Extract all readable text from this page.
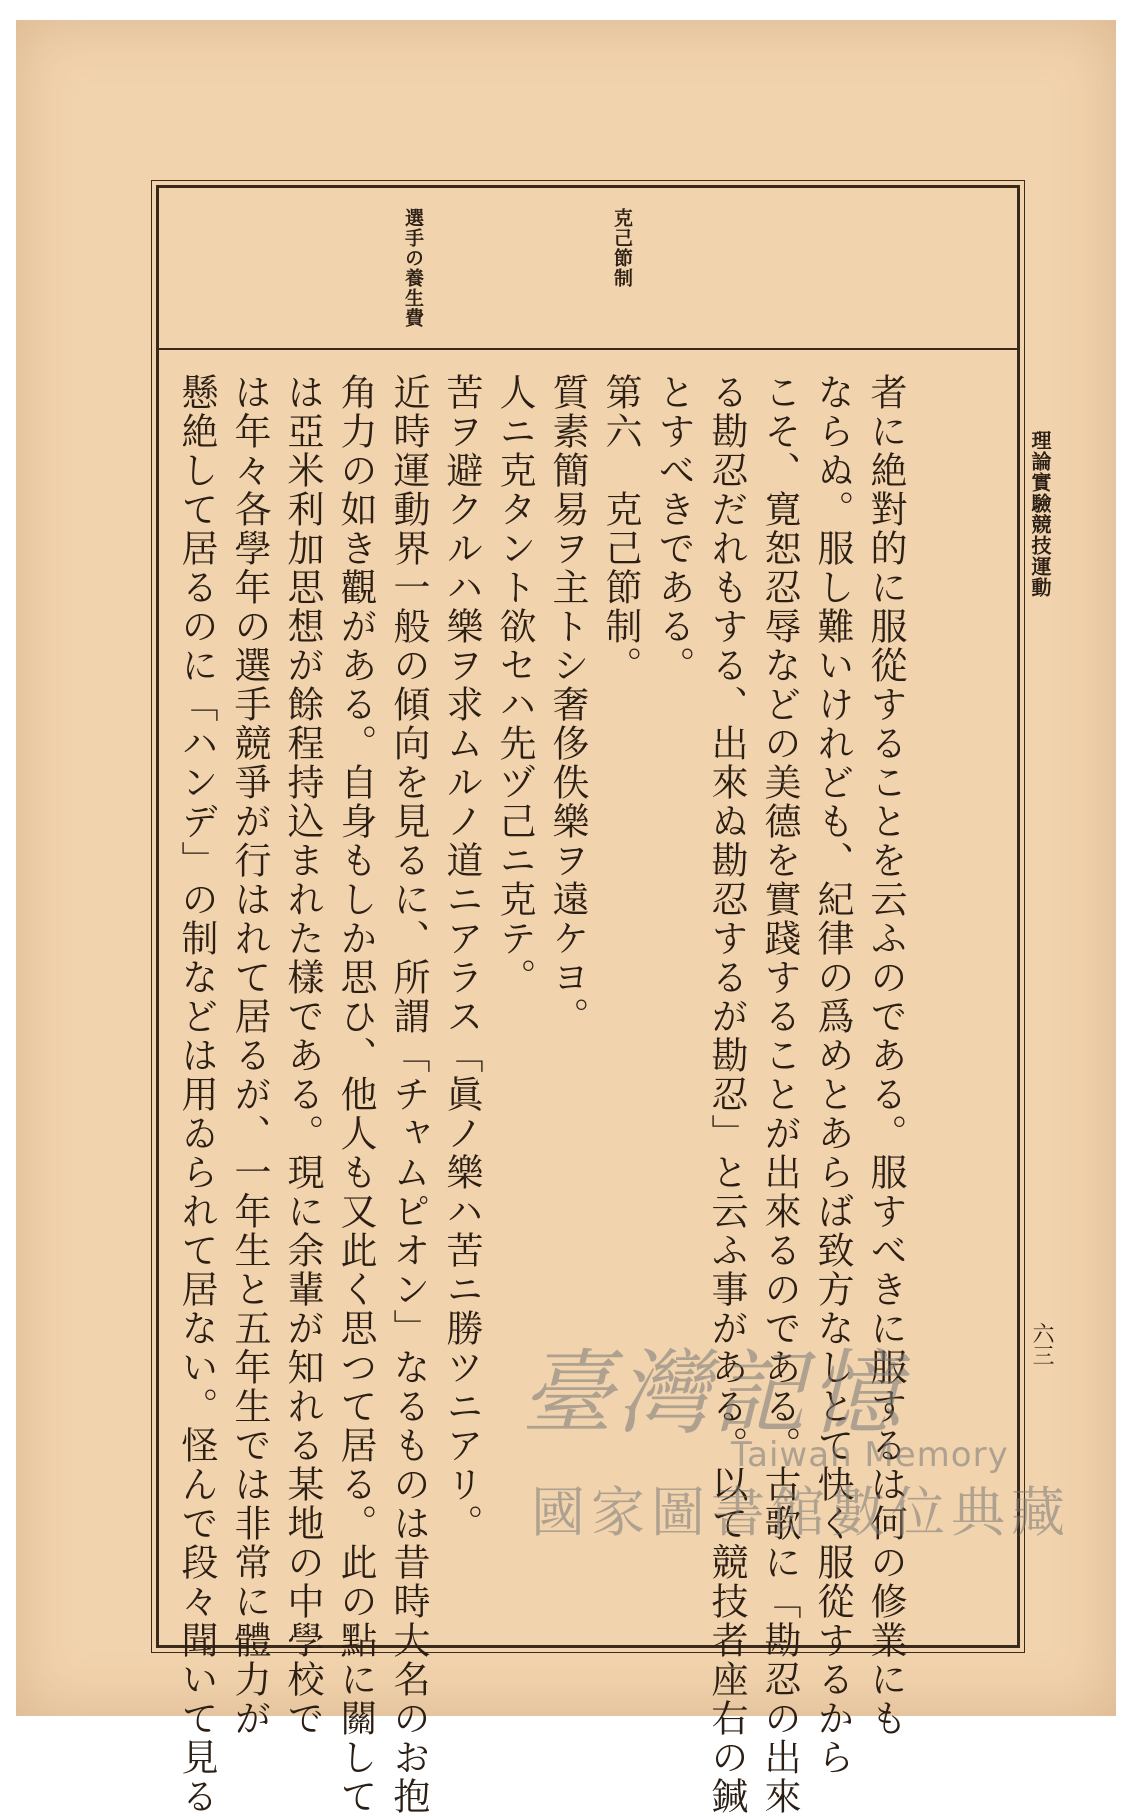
理論實驗競技運動
六三
克己節制
選手の養生費
者に絶對的に服從することを云ふのである。服すべきに服するは何の修業にも
ならぬ。服し難いけれども、紀律の爲めとあらば致方なしとて快く服從するから
こそ、寛恕忍辱などの美德を實踐することが出來るのである。古歌に「勘忍の出來
る勘忍だれもする、出來ぬ勘忍するが勘忍」と云ふ事がある。以て競技者座右の鍼
とすべきである。
第六　克己節制。
質素簡易ヲ主トシ奢侈佚樂ヲ遠ケヨ。
人ニ克タント欲セハ先ヅ己ニ克テ。
苦ヲ避クルハ樂ヲ求ムルノ道ニアラス「眞ノ樂ハ苦ニ勝ツニアリ。
近時運動界一般の傾向を見るに、所謂「チャムピオン」なるものは昔時大名のお抱
角力の如き觀がある。自身もしか思ひ、他人も又此く思つて居る。此の點に關して
は亞米利加思想が餘程持込まれた樣である。現に余輩が知れる某地の中學校で
は年々各學年の選手競爭が行はれて居るが、一年生と五年生では非常に體力が
懸絶して居るのに「ハンデ」の制などは用ゐられて居ない。怪んで段々聞いて見る	臺灣記憶
Taiwan Memory
國家圖書館數位典藏
